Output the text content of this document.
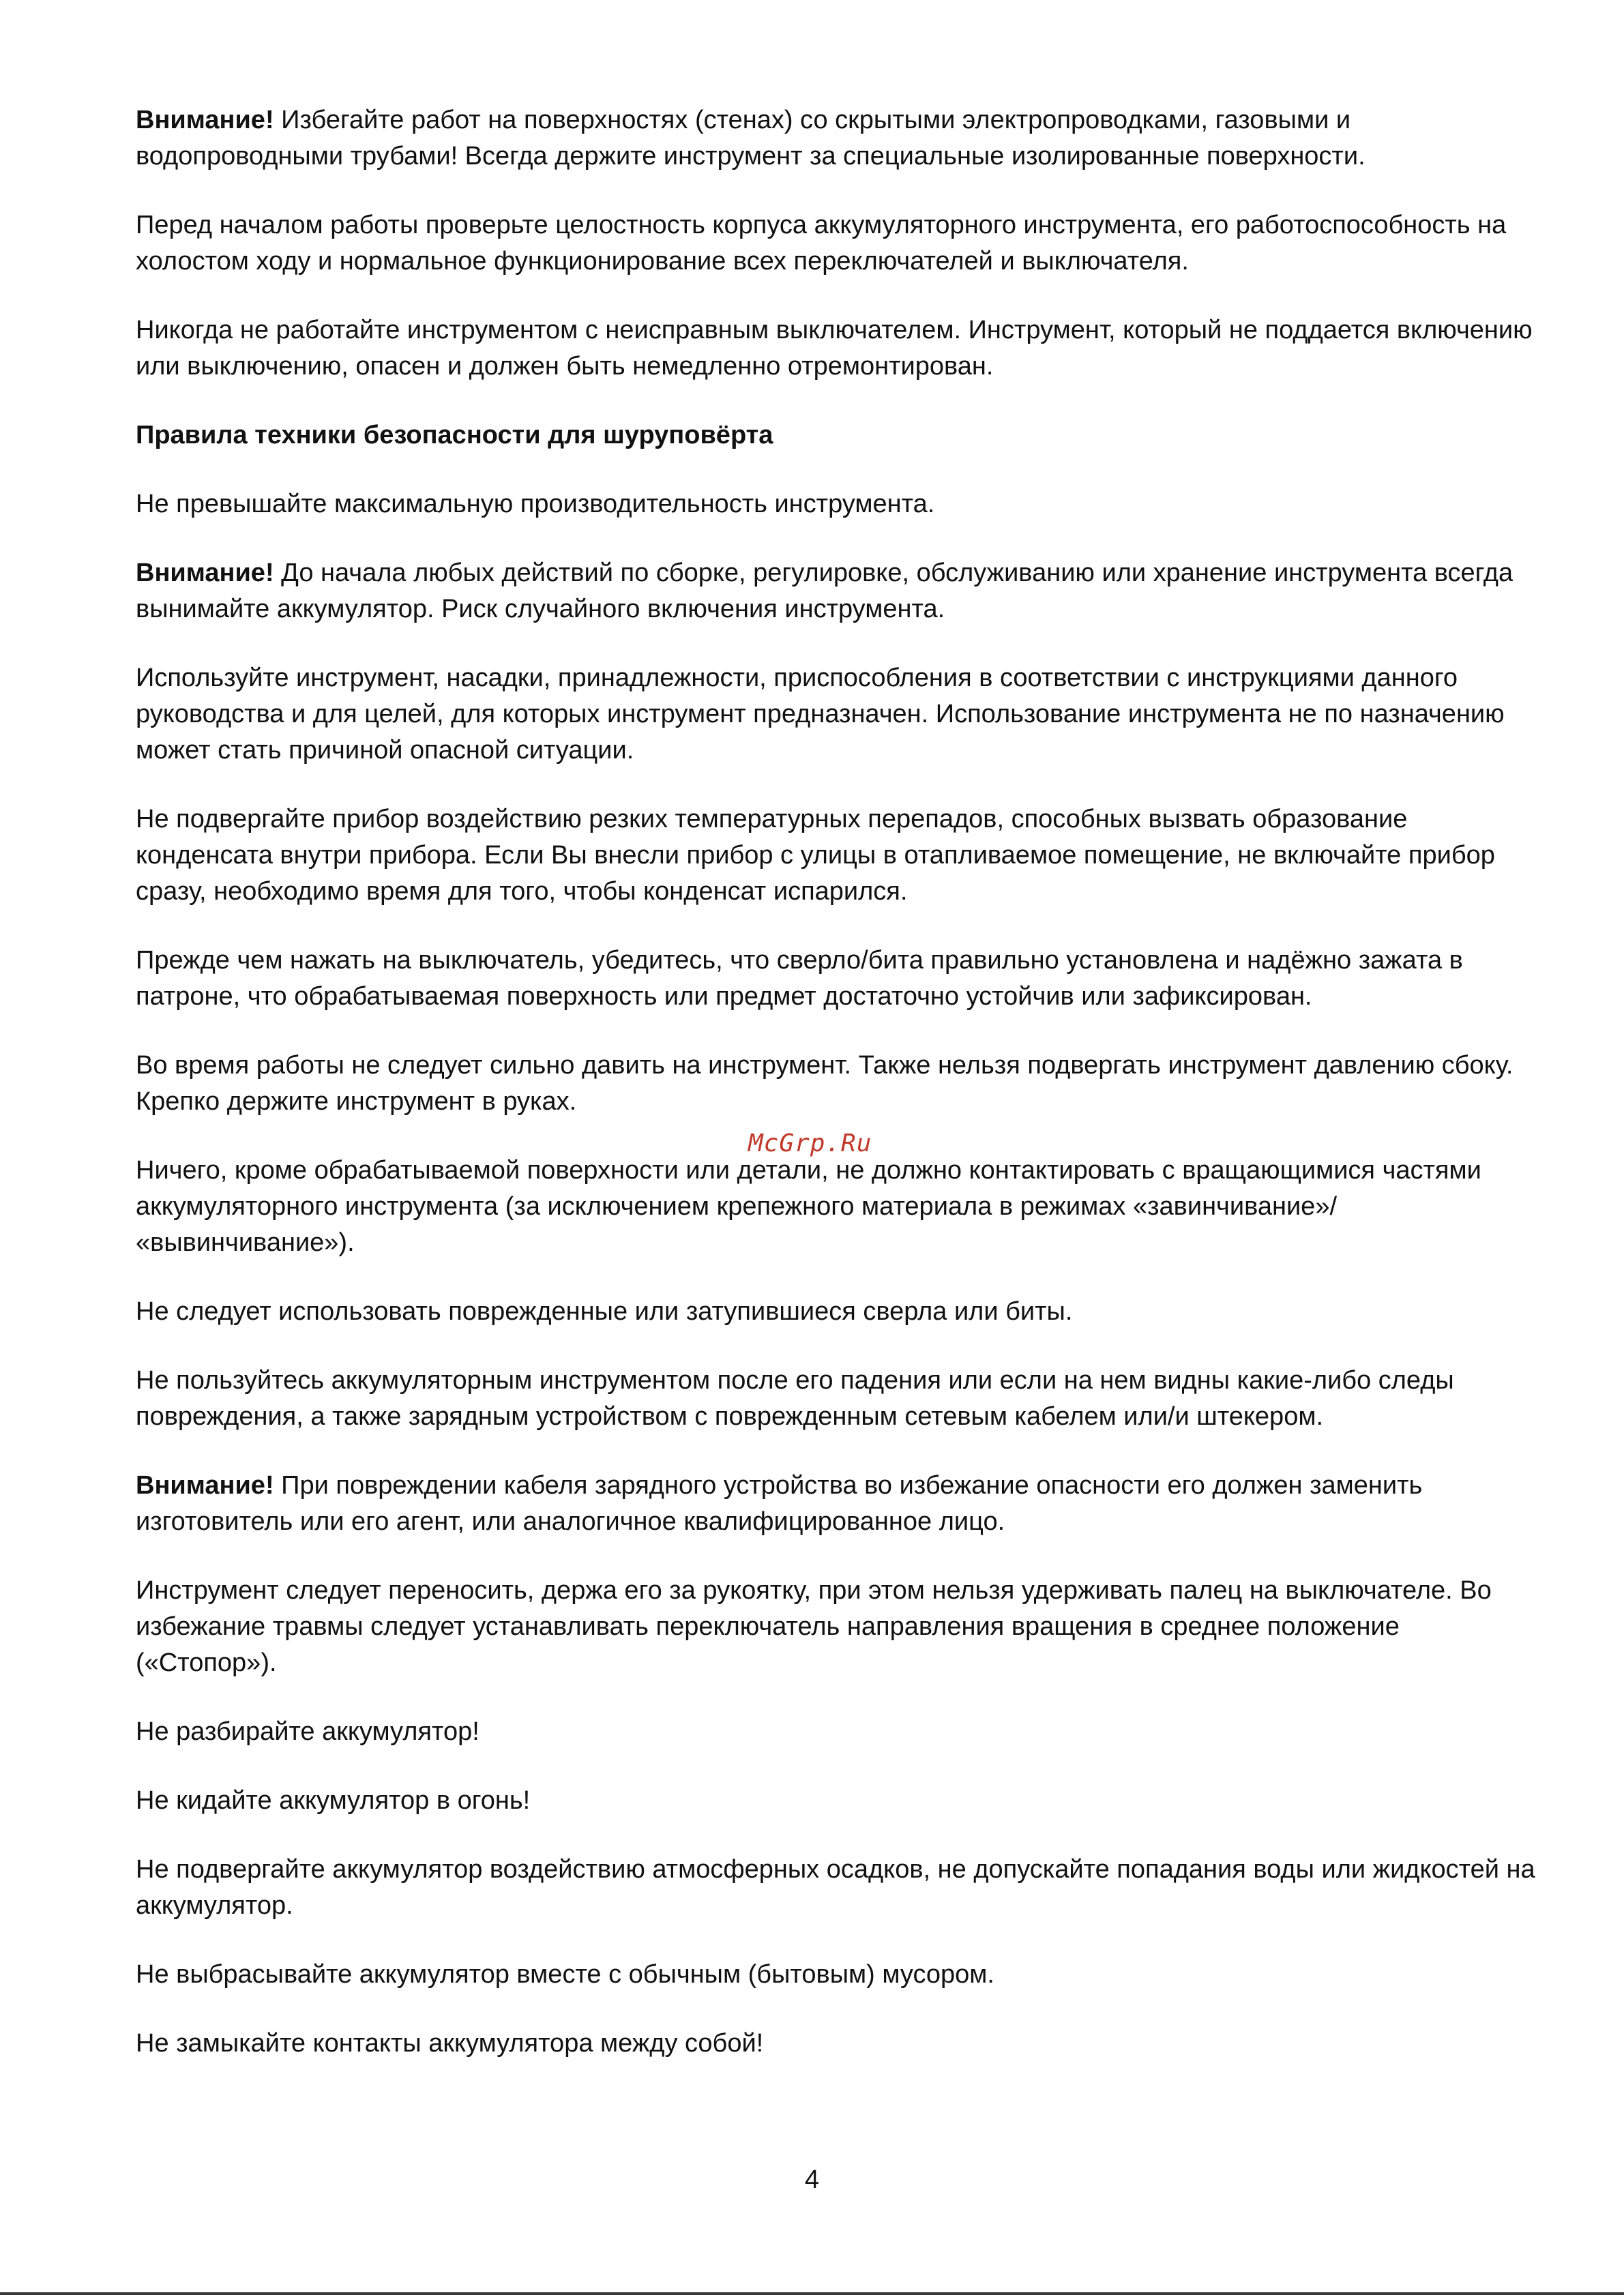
Внимание! Избегайте работ на поверхностях (стенах) со скрытыми электропроводками, газовыми и водопроводными трубами! Всегда держите инструмент за специальные изолированные поверхности.

Перед началом работы проверьте целостность корпуса аккумуляторного инструмента, его работоспособность на холостом ходу и нормальное функционирование всех переключателей и выключателя.

Никогда не работайте инструментом с неисправным выключателем. Инструмент, который не поддается включению или выключению, опасен и должен быть немедленно отремонтирован.

Правила техники безопасности для шуруповёрта

Не превышайте максимальную производительность инструмента.

Внимание! До начала любых действий по сборке, регулировке, обслуживанию или хранение инструмента всегда вынимайте аккумулятор. Риск случайного включения инструмента.

Используйте инструмент, насадки, принадлежности, приспособления в соответствии с инструкциями данного руководства и для целей, для которых инструмент предназначен. Использование инструмента не по назначению может стать причиной опасной ситуации.

Не подвергайте прибор воздействию резких температурных перепадов, способных вызвать образование конденсата внутри прибора. Если Вы внесли прибор с улицы в отапливаемое помещение, не включайте прибор сразу, необходимо время для того, чтобы конденсат испарился.

Прежде чем нажать на выключатель, убедитесь, что сверло/бита правильно установлена и надёжно зажата в патроне, что обрабатываемая поверхность или предмет достаточно устойчив или зафиксирован.

Во время работы не следует сильно давить на инструмент. Также нельзя подвергать инструмент давлению сбоку. Крепко держите инструмент в руках.

Ничего, кроме обрабатываемой поверхности или детали, не должно контактировать с вращающимися частями аккумуляторного инструмента (за исключением крепежного материала в режимах «завинчивание»/ «вывинчивание»).

Не следует использовать поврежденные или затупившиеся сверла или биты.

Не пользуйтесь аккумуляторным инструментом после его падения или если на нем видны какие-либо следы повреждения, а также зарядным устройством с поврежденным сетевым кабелем или/и штекером.

Внимание! При повреждении кабеля зарядного устройства во избежание опасности его должен заменить изготовитель или его агент, или аналогичное квалифицированное лицо.

Инструмент следует переносить, держа его за рукоятку, при этом нельзя удерживать палец на выключателе. Во избежание травмы следует устанавливать переключатель направления вращения в среднее положение («Стопор»).

Не разбирайте аккумулятор!

Не кидайте аккумулятор в огонь!

Не подвергайте аккумулятор воздействию атмосферных осадков, не допускайте попадания воды или жидкостей на аккумулятор.

Не выбрасывайте аккумулятор вместе с обычным (бытовым) мусором.

Не замыкайте контакты аккумулятора между собой!

McGrp.Ru
4
